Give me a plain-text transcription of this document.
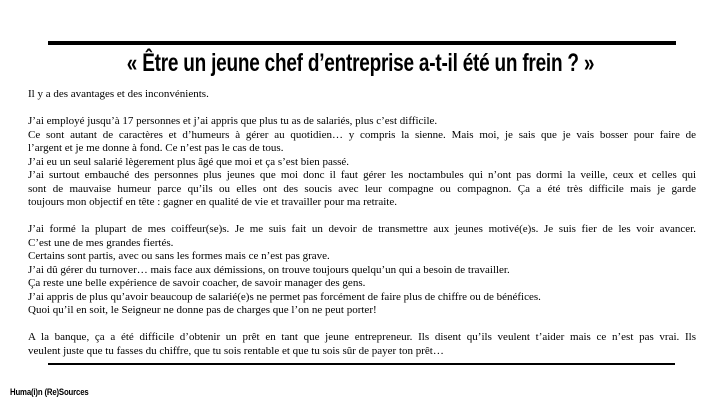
« Être un jeune chef d’entreprise a-t-il été un frein ? »
Il y a des avantages et des inconvénients.
J’ai employé jusqu’à 17 personnes et j’ai appris que plus tu as de salariés, plus c’est difficile.
Ce sont autant de caractères et d’humeurs à gérer au quotidien… y compris la sienne. Mais moi, je sais que je vais bosser pour faire de
l’argent et je me donne à fond. Ce n’est pas le cas de tous.
J’ai eu un seul salarié lègerement plus âgé que moi et ça s’est bien passé.
J’ai surtout embauché des personnes plus jeunes que moi donc il faut gérer les noctambules qui n’ont pas dormi la veille, ceux et celles qui
sont de mauvaise humeur parce qu’ils ou elles ont des soucis avec leur compagne ou compagnon. Ça a été très difficile mais je garde
toujours mon objectif en tête : gagner en qualité de vie et travailler pour ma retraite.
J’ai formé la plupart de mes coiffeur(se)s. Je me suis fait un devoir de transmettre aux jeunes motivé(e)s. Je suis fier de les voir avancer.
C’est une de mes grandes fiertés.
Certains sont partis, avec ou sans les formes mais ce n’est pas grave.
J’ai dû gérer du turnover… mais face aux démissions, on trouve toujours quelqu’un qui a besoin de travailler.
Ça reste une belle expérience de savoir coacher, de savoir manager des gens.
J’ai appris de plus qu’avoir beaucoup de salarié(e)s ne permet pas forcément de faire plus de chiffre ou de bénéfices.
Quoi qu’il en soit, le Seigneur ne donne pas de charges que l’on ne peut porter!
A la banque, ça a été difficile d’obtenir un prêt en tant que jeune entrepreneur. Ils disent qu’ils veulent t’aider mais ce n’est pas vrai. Ils
veulent juste que tu fasses du chiffre, que tu sois rentable et que tu sois sûr de payer ton prêt…
Huma(i)n (Re)Sources
